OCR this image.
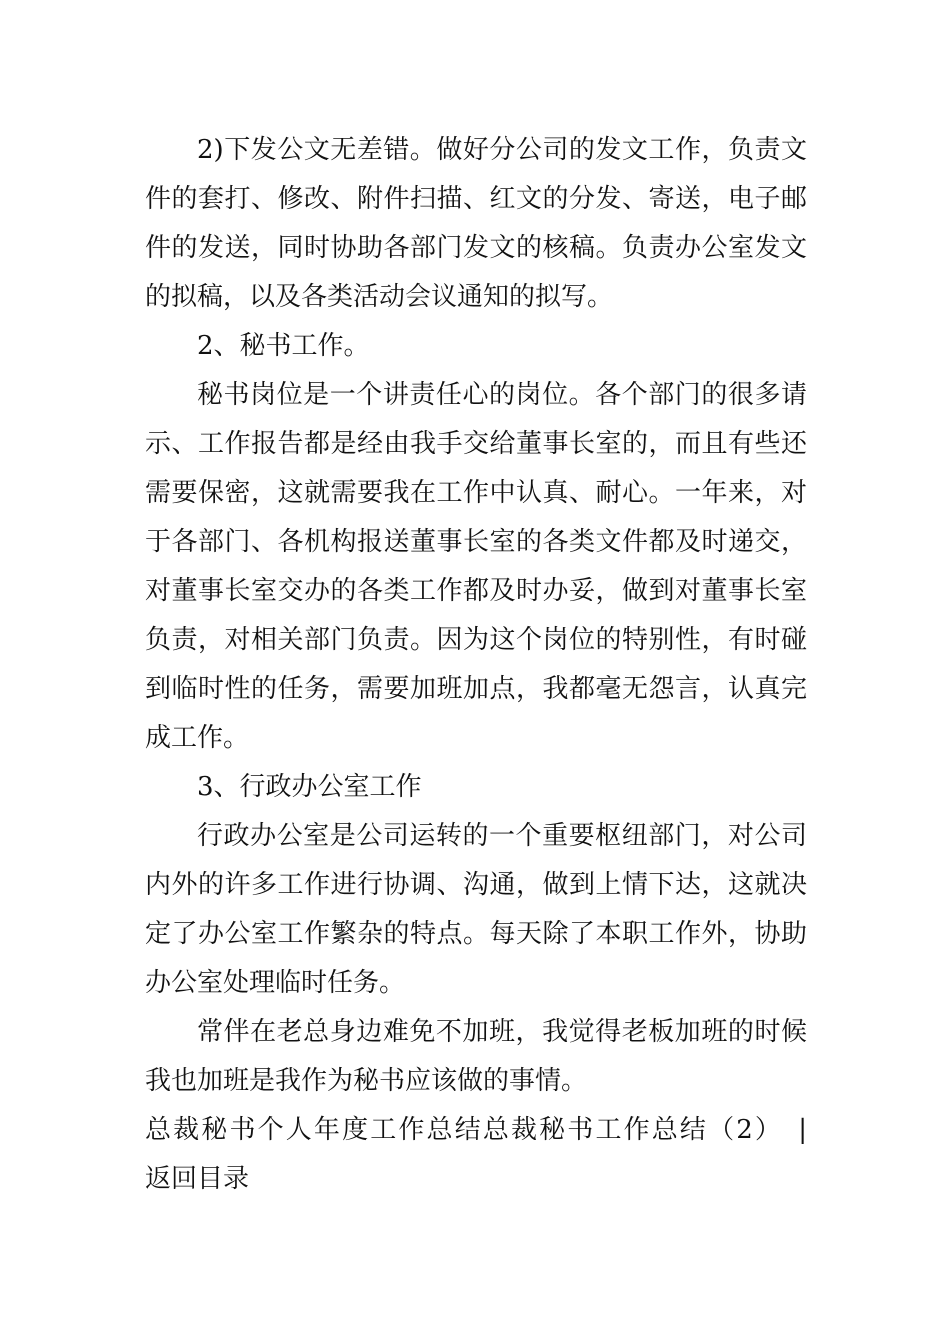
2)下发公文无差错。做好分公司的发文工作，负责文件的套打、修改、附件扫描、红文的分发、寄送，电子邮件的发送，同时协助各部门发文的核稿。负责办公室发文的拟稿，以及各类活动会议通知的拟写。

2、秘书工作。

秘书岗位是一个讲责任心的岗位。各个部门的很多请示、工作报告都是经由我手交给董事长室的，而且有些还需要保密，这就需要我在工作中认真、耐心。一年来，对于各部门、各机构报送董事长室的各类文件都及时递交，对董事长室交办的各类工作都及时办妥，做到对董事长室负责，对相关部门负责。因为这个岗位的特别性，有时碰到临时性的任务，需要加班加点，我都毫无怨言，认真完成工作。

3、行政办公室工作

行政办公室是公司运转的一个重要枢纽部门，对公司内外的许多工作进行协调、沟通，做到上情下达，这就决定了办公室工作繁杂的特点。每天除了本职工作外，协助办公室处理临时任务。

常伴在老总身边难免不加班，我觉得老板加班的时候我也加班是我作为秘书应该做的事情。

总裁秘书个人年度工作总结总裁秘书工作总结（2）　|　返回目录
